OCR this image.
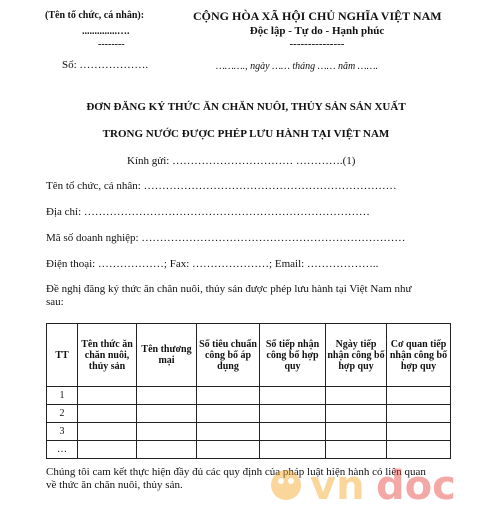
(Tên tổ chức, cá nhân):
..............….
--------
CỘNG HÒA XÃ HỘI CHỦ NGHĨA VIỆT NAM
Độc lập - Tự do - Hạnh phúc
---------------
Số: ……………….	………., ngày …… tháng …… năm …….
ĐƠN ĐĂNG KÝ THỨC ĂN CHĂN NUÔI, THỦY SẢN SẢN XUẤT
TRONG NƯỚC ĐƯỢC PHÉP LƯU HÀNH TẠI VIỆT NAM
Kính gửi: …………………………… ………….(1)
Tên tổ chức, cá nhân: ……………………………………………………………
Địa chỉ: ……………………………………………………………………
Mã số doanh nghiệp: ………………………………………………………………
Điện thoại: ………………; Fax: …………………; Email: ………………..
Đề nghị đăng ký thức ăn chăn nuôi, thủy sản được phép lưu hành tại Việt Nam như
sau:
TT	Tên thức ăn chăn nuôi, thủy sản	Tên thương mại	Số tiêu chuẩn công bố áp dụng	Số tiếp nhận công bố hợp quy	Ngày tiếp nhận công bố hợp quy	Cơ quan tiếp nhận công bố hợp quy
1						
2						
3						
…						
Chúng tôi cam kết thực hiện đầy đủ các quy định của pháp luật hiện hành có liên quan
về thức ăn chăn nuôi, thủy sản.	vn doc
